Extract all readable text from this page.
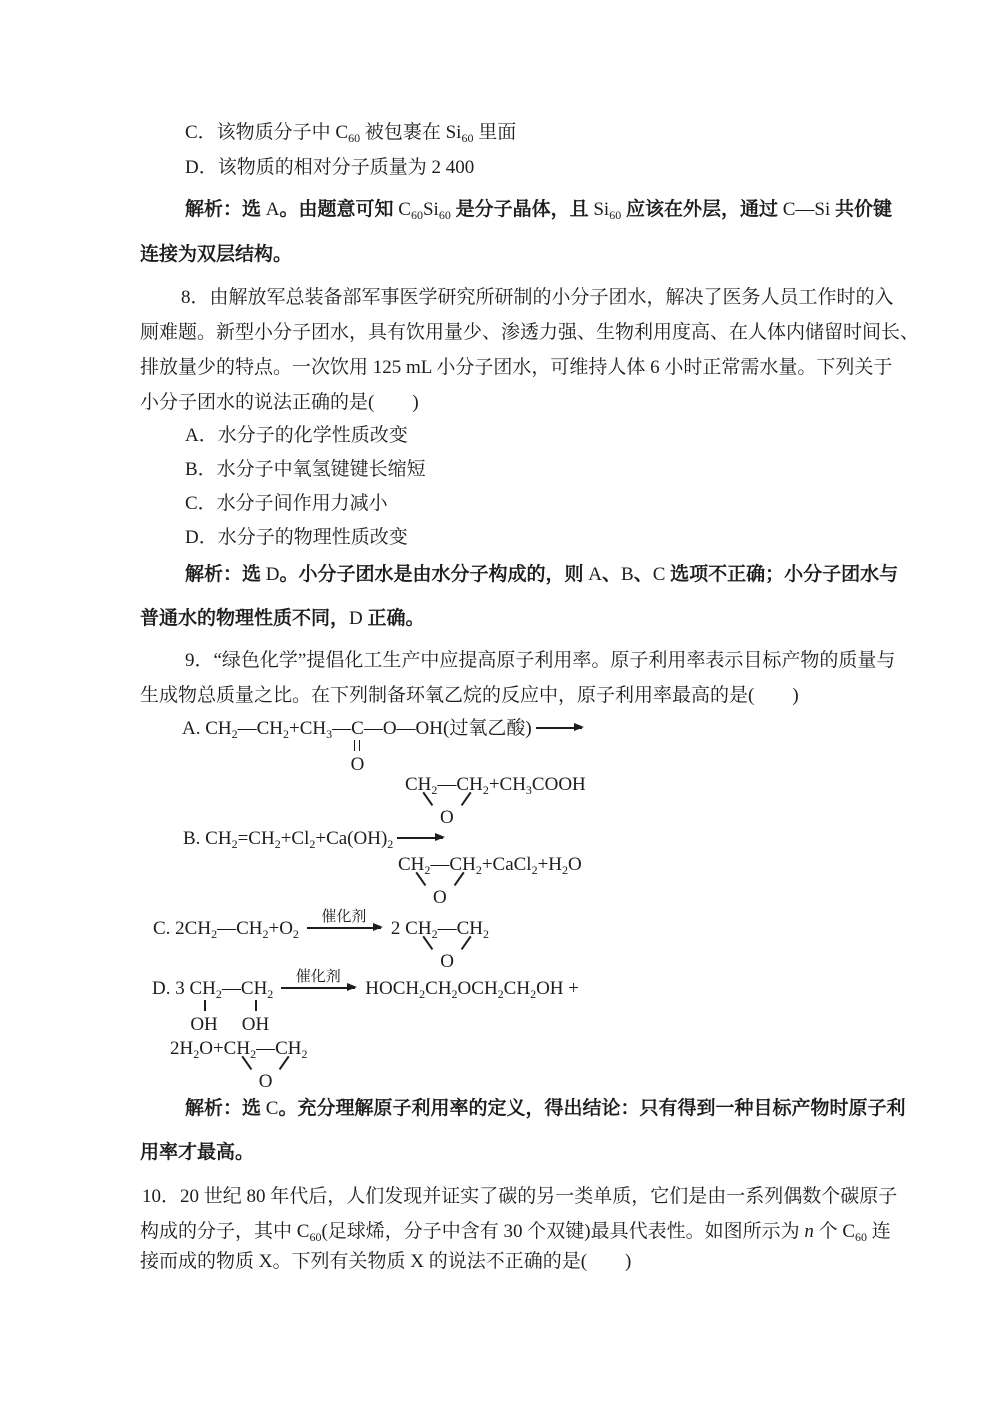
C．该物质分子中 $C_{60}$ 被包裹在 $Si_{60}$ 里面
D．该物质的相对分子质量为 2 400
解析：选 A。由题意可知 $C_{60}Si_{60}$ 是分子晶体，且 $Si_{60}$ 应该在外层，通过 C—Si 共价键
连接为双层结构。
8．由解放军总装备部军事医学研究所研制的小分子团水，解决了医务人员工作时的入
厕难题。新型小分子团水，具有饮用量少、渗透力强、生物利用度高、在人体内储留时间长、
排放量少的特点。一次饮用 125 mL 小分子团水，可维持人体 6 小时正常需水量。下列关于
小分子团水的说法正确的是(　　)
A．水分子的化学性质改变
B．水分子中氧氢键键长缩短
C．水分子间作用力减小
D．水分子的物理性质改变
解析：选 D。小分子团水是由水分子构成的，则 A、B、C 选项不正确；小分子团水与
普通水的物理性质不同，D 正确。
9．“绿色化学”提倡化工生产中应提高原子利用率。原子利用率表示目标产物的质量与
生成物总质量之比。在下列制备环氧乙烷的反应中，原子利用率最高的是(　　)
A. $CH_2—CH_2+CH_3—C$
O
—O—OH(过氧乙酸) →
$CH_2—CH_2$
O
$+CH_3COOH$
B. $CH_2=CH_2+Cl_2+Ca(OH)_2$ →
$CH_2—CH_2$
O
$+CaCl_2+H_2O$
C. $2CH_2—CH_2+O_2$
催化剂
2 $CH_2—CH_2$
O
D. 3 $CH_2$
OH
$—CH_2$
OH
催化剂
$HOCH_2CH_2OCH_2CH_2OH$ +
$2H_2O+CH_2—CH_2$
O
解析：选 C。充分理解原子利用率的定义，得出结论：只有得到一种目标产物时原子利
用率才最高。
10．20 世纪 80 年代后，人们发现并证实了碳的另一类单质，它们是由一系列偶数个碳原子
构成的分子，其中 $C_{60}$(足球烯，分子中含有 30 个双键)最具代表性。如图所示为 n 个 $C_{60}$ 连
接而成的物质 X。下列有关物质 X 的说法不正确的是(　　)
